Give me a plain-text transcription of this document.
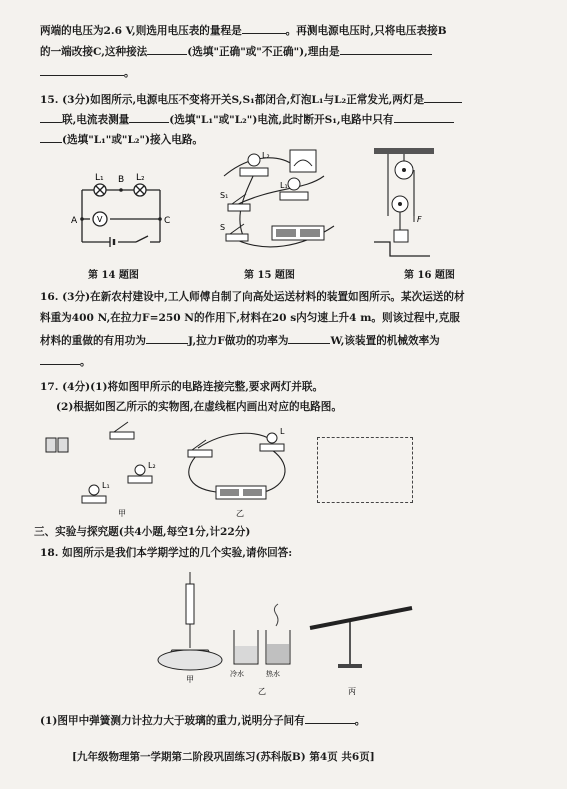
两端的电压为2.6 V,则选用电压表的量程是	。再测电源电压时,只将电压表接B
的一端改接C,这种接法	(选填"正确"或"不正确"),理由是
。
15. (3分)如图所示,电源电压不变将开关S,S₁都闭合,灯泡L₁与L₂正常发光,两灯是
联,电流表测量	(选填"L₁"或"L₂")电流,此时断开S₁,电路中只有
(选填"L₁"或"L₂")接入电路。
L₁	L₂
B
A	C
V
第 14 题图
L₂
L₁
S₁
S
第 15 题图
F
第 16 题图
16. (3分)在新农村建设中,工人师傅自制了向高处运送材料的装置如图所示。某次运送的材
料重为400 N,在拉力F=250 N的作用下,材料在20 s内匀速上升4 m。则该过程中,克服
材料的重做的有用功为	J,拉力F做功的功率为	W,该装置的机械效率为
。
17. (4分)(1)将如图甲所示的电路连接完整,要求两灯并联。
(2)根据如图乙所示的实物图,在虚线框内画出对应的电路图。
L₁
L₂
甲
L
乙
三、实验与探究题(共4小题,每空1分,计22分)
18. 如图所示是我们本学期学过的几个实验,请你回答:
甲
冷水	热水
乙	丙
(1)图甲中弹簧测力计拉力大于玻璃的重力,说明分子间有	。
[九年级物理第一学期第二阶段巩固练习(苏科版B) 第4页 共6页]
